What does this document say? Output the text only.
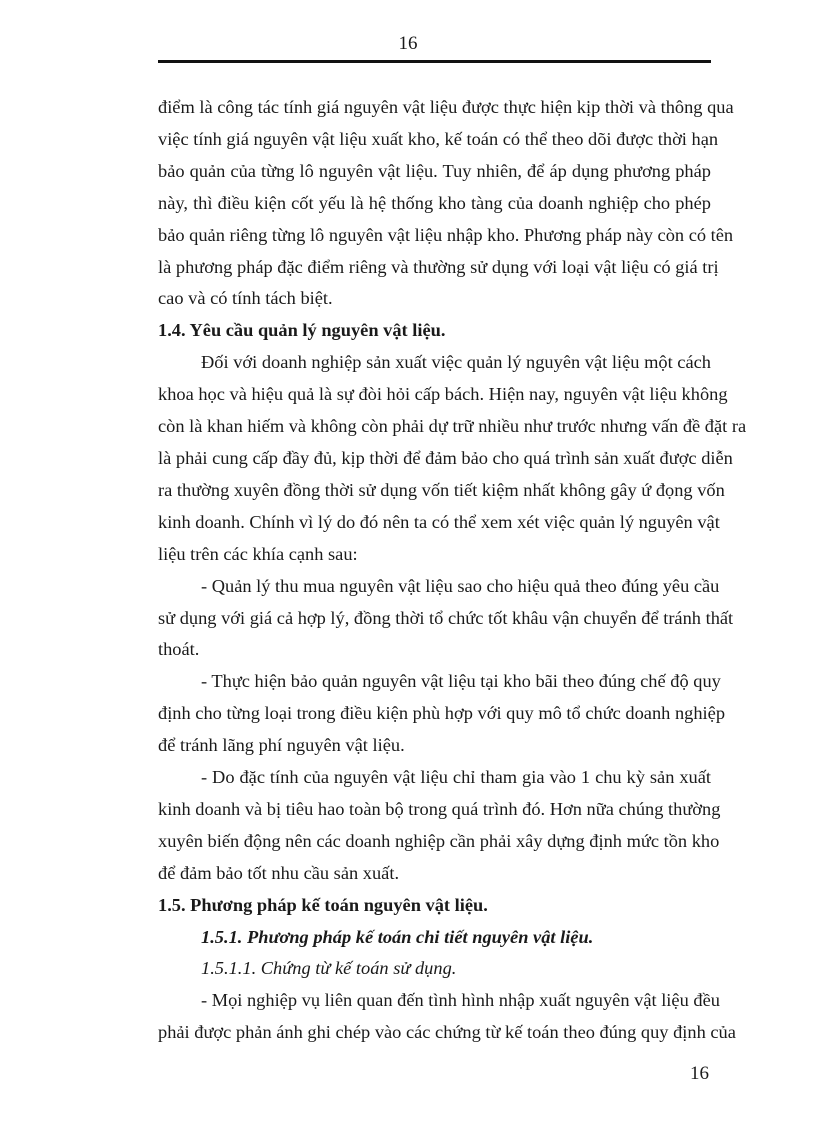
16

điểm là công tác tính giá nguyên vật liệu được thực hiện kịp thời và thông qua
việc tính giá nguyên vật liệu xuất kho, kế toán có thể theo dõi được thời hạn
bảo quản của từng lô nguyên vật liệu. Tuy nhiên, để áp dụng phương pháp
này, thì điều kiện cốt yếu là hệ thống kho tàng của doanh nghiệp cho phép
bảo quản riêng từng lô nguyên vật liệu nhập kho. Phương pháp này còn có tên
là phương pháp đặc điểm riêng và thường sử dụng với loại vật liệu có giá trị
cao và có tính tách biệt.

1.4. Yêu cầu quản lý nguyên vật liệu.

Đối với doanh nghiệp sản xuất việc quản lý nguyên vật liệu một cách
khoa học và hiệu quả là sự đòi hỏi cấp bách. Hiện nay, nguyên vật liệu không
còn là khan hiếm và không còn phải dự trữ nhiều như trước nhưng vấn đề đặt ra
là phải cung cấp đầy đủ, kịp thời để đảm bảo cho quá trình sản xuất được diễn
ra thường xuyên đồng thời sử dụng vốn tiết kiệm nhất không gây ứ đọng vốn
kinh doanh. Chính vì lý do đó nên ta có thể xem xét việc quản lý nguyên vật
liệu trên các khía cạnh sau:

- Quản lý thu mua nguyên vật liệu sao cho hiệu quả theo đúng yêu cầu
sử dụng với giá cả hợp lý, đồng thời tổ chức tốt khâu vận chuyển để tránh thất
thoát.

- Thực hiện bảo quản nguyên vật liệu tại kho bãi theo đúng chế độ quy
định cho từng loại trong điều kiện phù hợp với quy mô tổ chức doanh nghiệp
để tránh lãng phí nguyên vật liệu.

- Do đặc tính của nguyên vật liệu chỉ tham gia vào 1 chu kỳ sản xuất
kinh doanh và bị tiêu hao toàn bộ trong quá trình đó. Hơn nữa chúng thường
xuyên biến động nên các doanh nghiệp cần phải xây dựng định mức tồn kho
để đảm bảo tốt nhu cầu sản xuất.

1.5. Phương pháp kế toán nguyên vật liệu.
1.5.1. Phương pháp kế toán chi tiết nguyên vật liệu.
1.5.1.1. Chứng từ kế toán sử dụng.

- Mọi nghiệp vụ liên quan đến tình hình nhập xuất nguyên vật liệu đều
phải được phản ánh ghi chép vào các chứng từ kế toán theo đúng quy định của

16
